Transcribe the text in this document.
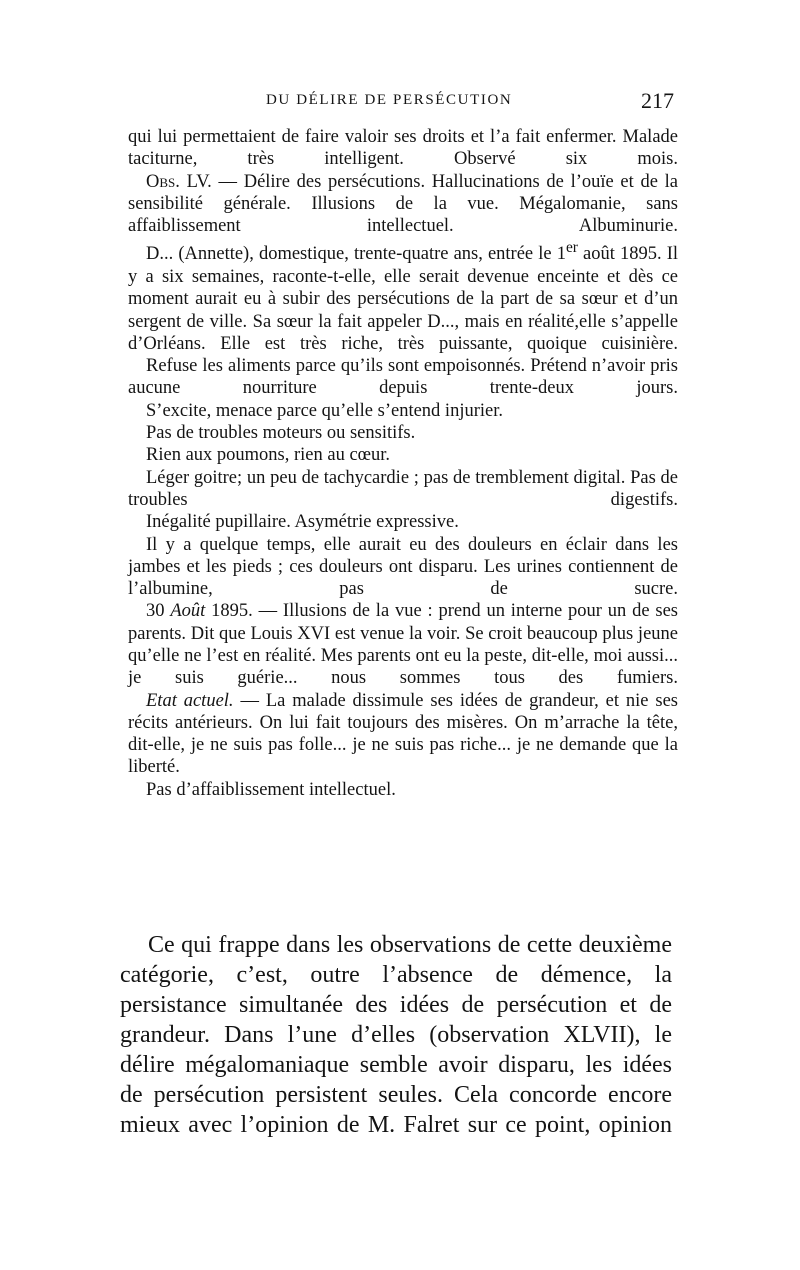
DU DÉLIRE DE PERSÉCUTION	217

qui lui permettaient de faire valoir ses droits et l’a fait enfermer. Malade taciturne, très intelligent. Observé six mois.

Obs. LV. — Délire des persécutions. Hallucinations de l’ouïe et de la sensibilité générale. Illusions de la vue. Mégalomanie, sans affaiblissement intellectuel. Albuminurie.

D... (Annette), domestique, trente-quatre ans, entrée le 1er août 1895. Il y a six semaines, raconte-t-elle, elle serait devenue enceinte et dès ce moment aurait eu à subir des persécutions de la part de sa sœur et d’un sergent de ville. Sa sœur la fait appeler D..., mais en réalité,elle s’appelle d’Orléans. Elle est très riche, très puissante, quoique cuisinière.

Refuse les aliments parce qu’ils sont empoisonnés. Prétend n’avoir pris aucune nourriture depuis trente-deux jours.

S’excite, menace parce qu’elle s’entend injurier.

Pas de troubles moteurs ou sensitifs.

Rien aux poumons, rien au cœur.

Léger goitre; un peu de tachycardie ; pas de tremblement digital. Pas de troubles digestifs.

Inégalité pupillaire. Asymétrie expressive.

Il y a quelque temps, elle aurait eu des douleurs en éclair dans les jambes et les pieds ; ces douleurs ont disparu. Les urines contiennent de l’albumine, pas de sucre.

30 Août 1895. — Illusions de la vue : prend un interne pour un de ses parents. Dit que Louis XVI est venue la voir. Se croit beaucoup plus jeune qu’elle ne l’est en réalité. Mes parents ont eu la peste, dit-elle, moi aussi... je suis guérie... nous sommes tous des fumiers.

Etat actuel. — La malade dissimule ses idées de grandeur, et nie ses récits antérieurs. On lui fait toujours des misères. On m’arrache la tête, dit-elle, je ne suis pas folle... je ne suis pas riche... je ne demande que la liberté.

Pas d’affaiblissement intellectuel.

Ce qui frappe dans les observations de cette deuxième catégorie, c’est, outre l’absence de démence, la persistance simultanée des idées de persécution et de grandeur. Dans l’une d’elles (observation XLVII), le délire mégalomaniaque semble avoir disparu, les idées de persécution persistent seules. Cela concorde encore mieux avec l’opinion de M. Falret sur ce point, opinion
